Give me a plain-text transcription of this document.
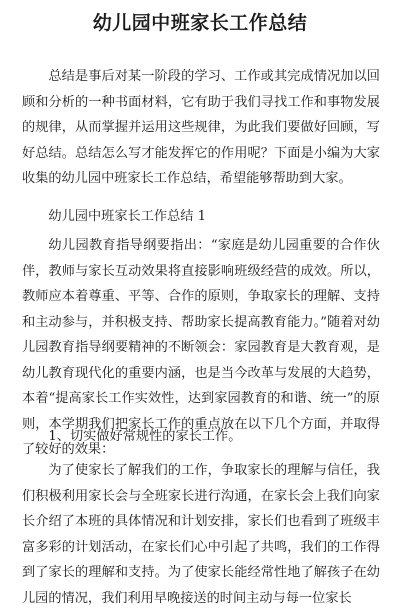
幼儿园中班家长工作总结

总结是事后对某一阶段的学习、工作或其完成情况加以回顾和分析的一种书面材料，它有助于我们寻找工作和事物发展的规律，从而掌握并运用这些规律，为此我们要做好回顾，写好总结。总结怎么写才能发挥它的作用呢？下面是小编为大家收集的幼儿园中班家长工作总结，希望能够帮助到大家。

幼儿园中班家长工作总结 1

幼儿园教育指导纲要指出：“家庭是幼儿园重要的合作伙伴，教师与家长互动效果将直接影响班级经营的成效。所以，教师应本着尊重、平等、合作的原则，争取家长的理解、支持和主动参与，并积极支持、帮助家长提高教育能力。”随着对幼儿园教育指导纲要精神的不断领会：家园教育是大教育观，是幼儿教育现代化的重要内涵，也是当今改革与发展的大趋势，本着“提高家长工作实效性，达到家园教育的和谐、统一”的原则，本学期我们把家长工作的重点放在以下几个方面，并取得了较好的效果：

1、切实做好常规性的家长工作。

为了使家长了解我们的工作，争取家长的理解与信任，我们积极利用家长会与全班家长进行沟通，在家长会上我们向家长介绍了本班的具体情况和计划安排，家长们也看到了班级丰富多彩的计划活动，在家长们心中引起了共鸣，我们的工作得到了家长的理解和支持。为了使家长能经常性地了解孩子在幼儿园的情况，我们利用早晚接送的时间主动与每一位家长
